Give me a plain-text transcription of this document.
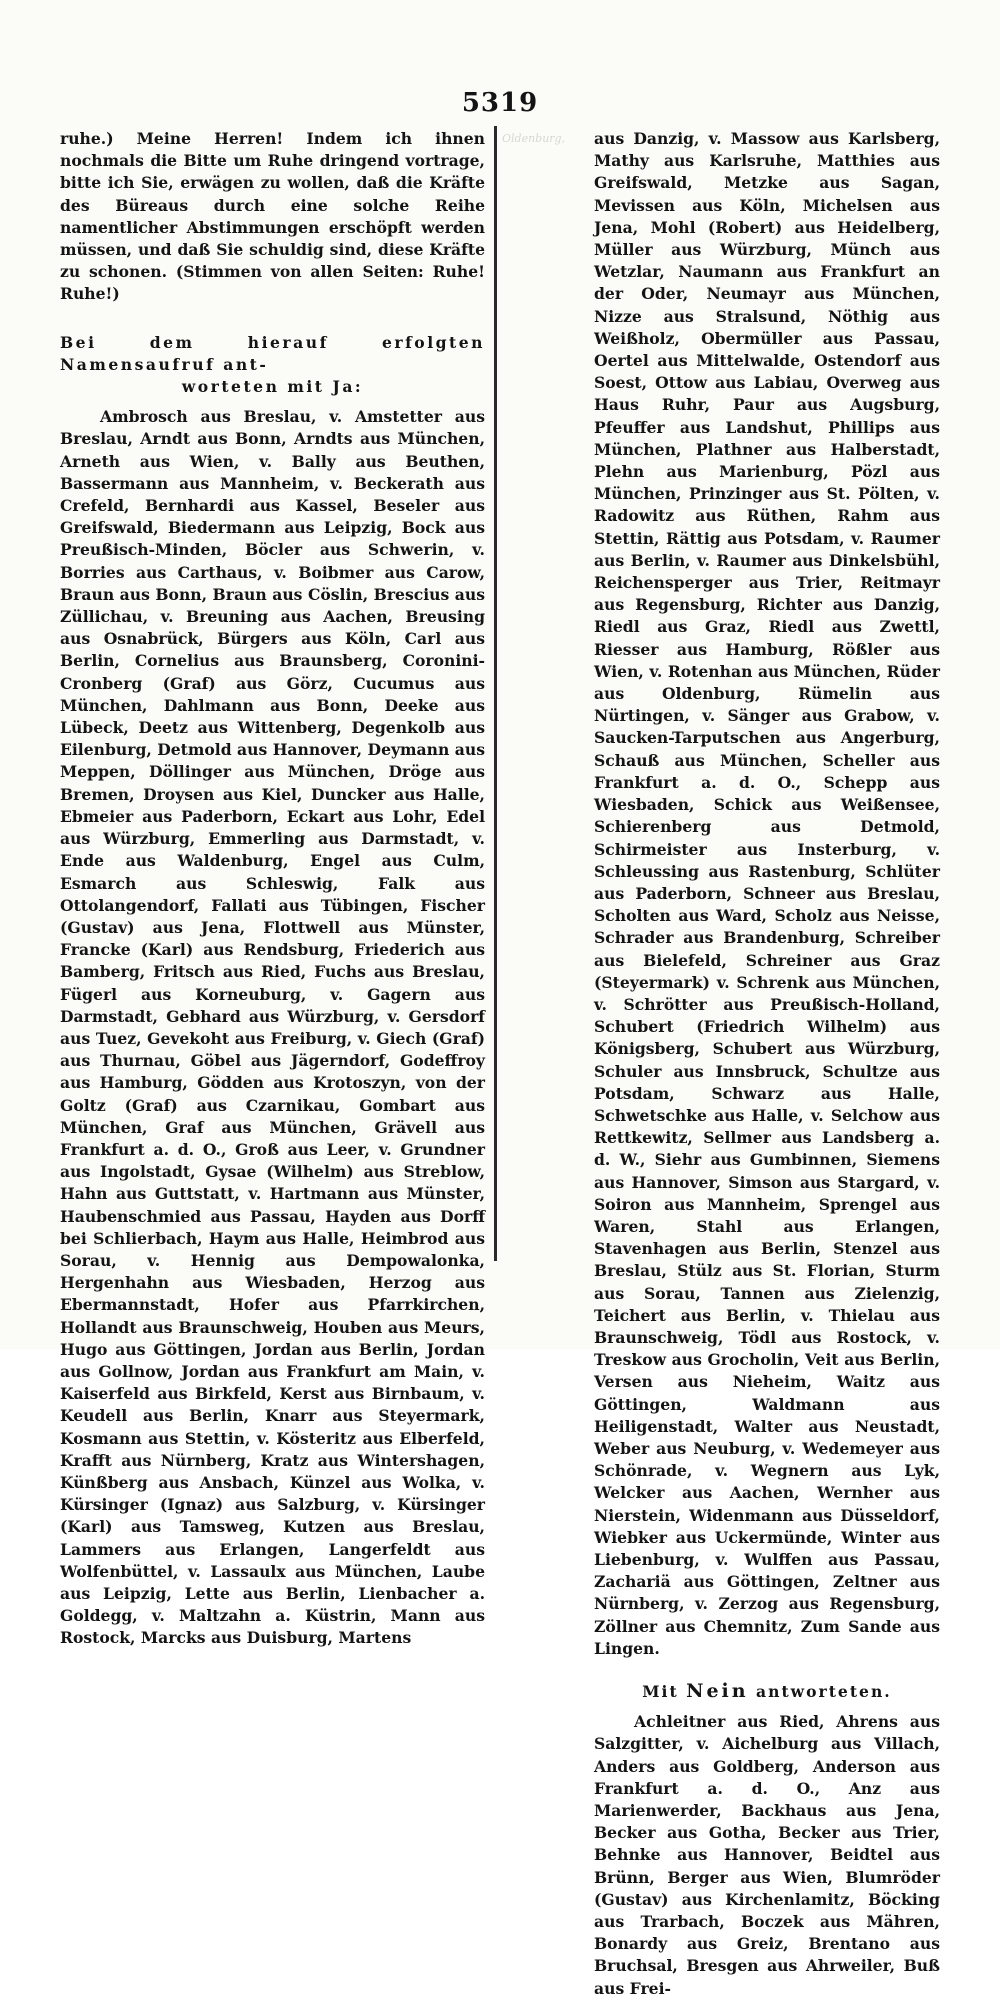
5319

ruhe.) Meine Herren! Indem ich ihnen nochmals die Bitte um Ruhe dringend vortrage, bitte ich Sie, erwägen zu wollen, daß die Kräfte des Büreaus durch eine solche Reihe namentlicher Abstimmungen erschöpft werden müssen, und daß Sie schuldig sind, diese Kräfte zu schonen. (Stimmen von allen Seiten: Ruhe! Ruhe!)

Bei dem hierauf erfolgten Namensaufruf ant-

worteten mit Ja:

Ambrosch aus Breslau, v. Amstetter aus Breslau, Arndt aus Bonn, Arndts aus München, Arneth aus Wien, v. Bally aus Beuthen, Bassermann aus Mannheim, v. Beckerath aus Crefeld, Bernhardi aus Kassel, Beseler aus Greifswald, Biedermann aus Leipzig, Bock aus Preußisch-Minden, Böcler aus Schwerin, v. Borries aus Carthaus, v. Boibmer aus Carow, Braun aus Bonn, Braun aus Cöslin, Brescius aus Züllichau, v. Breuning aus Aachen, Breusing aus Osnabrück, Bürgers aus Köln, Carl aus Berlin, Cornelius aus Braunsberg, Coronini-Cronberg (Graf) aus Görz, Cucumus aus München, Dahlmann aus Bonn, Deeke aus Lübeck, Deetz aus Wittenberg, Degenkolb aus Eilenburg, Detmold aus Hannover, Deymann aus Meppen, Döllinger aus München, Dröge aus Bremen, Droysen aus Kiel, Duncker aus Halle, Ebmeier aus Paderborn, Eckart aus Lohr, Edel aus Würzburg, Emmerling aus Darmstadt, v. Ende aus Waldenburg, Engel aus Culm, Esmarch aus Schleswig, Falk aus Ottolangendorf, Fallati aus Tübingen, Fischer (Gustav) aus Jena, Flottwell aus Münster, Francke (Karl) aus Rendsburg, Friederich aus Bamberg, Fritsch aus Ried, Fuchs aus Breslau, Fügerl aus Korneuburg, v. Gagern aus Darmstadt, Gebhard aus Würzburg, v. Gersdorf aus Tuez, Gevekoht aus Freiburg, v. Giech (Graf) aus Thurnau, Göbel aus Jägerndorf, Godeffroy aus Hamburg, Gödden aus Krotoszyn, von der Goltz (Graf) aus Czarnikau, Gombart aus München, Graf aus München, Grävell aus Frankfurt a. d. O., Groß aus Leer, v. Grundner aus Ingolstadt, Gysae (Wilhelm) aus Streblow, Hahn aus Guttstatt, v. Hartmann aus Münster, Haubenschmied aus Passau, Hayden aus Dorff bei Schlierbach, Haym aus Halle, Heimbrod aus Sorau, v. Hennig aus Dempowalonka, Hergenhahn aus Wiesbaden, Herzog aus Ebermannstadt, Hofer aus Pfarrkirchen, Hollandt aus Braunschweig, Houben aus Meurs, Hugo aus Göttingen, Jordan aus Berlin, Jordan aus Gollnow, Jordan aus Frankfurt am Main, v. Kaiserfeld aus Birkfeld, Kerst aus Birnbaum, v. Keudell aus Berlin, Knarr aus Steyermark, Kosmann aus Stettin, v. Kösteritz aus Elberfeld, Krafft aus Nürnberg, Kratz aus Wintershagen, Künßberg aus Ansbach, Künzel aus Wolka, v. Kürsinger (Ignaz) aus Salzburg, v. Kürsinger (Karl) aus Tamsweg, Kutzen aus Breslau, Lammers aus Erlangen, Langerfeldt aus Wolfenbüttel, v. Lassaulx aus München, Laube aus Leipzig, Lette aus Berlin, Lienbacher a. Goldegg, v. Maltzahn a. Küstrin, Mann aus Rostock, Marcks aus Duisburg, Martens

Oldenburg,

	aus Danzig, v. Massow aus Karlsberg, Mathy aus Karlsruhe, Matthies aus Greifswald, Metzke aus Sagan, Mevissen aus Köln, Michelsen aus Jena, Mohl (Robert) aus Heidelberg, Müller aus Würzburg, Münch aus Wetzlar, Naumann aus Frankfurt an der Oder, Neumayr aus München, Nizze aus Stralsund, Nöthig aus Weißholz, Obermüller aus Passau, Oertel aus Mittelwalde, Ostendorf aus Soest, Ottow aus Labiau, Overweg aus Haus Ruhr, Paur aus Augsburg, Pfeuffer aus Landshut, Phillips aus München, Plathner aus Halberstadt, Plehn aus Marienburg, Pözl aus München, Prinzinger aus St. Pölten, v. Radowitz aus Rüthen, Rahm aus Stettin, Rättig aus Potsdam, v. Raumer aus Berlin, v. Raumer aus Dinkelsbühl, Reichensperger aus Trier, Reitmayr aus Regensburg, Richter aus Danzig, Riedl aus Graz, Riedl aus Zwettl, Riesser aus Hamburg, Rößler aus Wien, v. Rotenhan aus München, Rüder aus Oldenburg, Rümelin aus Nürtingen, v. Sänger aus Grabow, v. Saucken-Tarputschen aus Angerburg, Schauß aus München, Scheller aus Frankfurt a. d. O., Schepp aus Wiesbaden, Schick aus Weißensee, Schierenberg aus Detmold, Schirmeister aus Insterburg, v. Schleussing aus Rastenburg, Schlüter aus Paderborn, Schneer aus Breslau, Scholten aus Ward, Scholz aus Neisse, Schrader aus Brandenburg, Schreiber aus Bielefeld, Schreiner aus Graz (Steyermark) v. Schrenk aus München, v. Schrötter aus Preußisch-Holland, Schubert (Friedrich Wilhelm) aus Königsberg, Schubert aus Würzburg, Schuler aus Innsbruck, Schultze aus Potsdam, Schwarz aus Halle, Schwetschke aus Halle, v. Selchow aus Rettkewitz, Sellmer aus Landsberg a. d. W., Siehr aus Gumbinnen, Siemens aus Hannover, Simson aus Stargard, v. Soiron aus Mannheim, Sprengel aus Waren, Stahl aus Erlangen, Stavenhagen aus Berlin, Stenzel aus Breslau, Stülz aus St. Florian, Sturm aus Sorau, Tannen aus Zielenzig, Teichert aus Berlin, v. Thielau aus Braunschweig, Tödl aus Rostock, v. Treskow aus Grocholin, Veit aus Berlin, Versen aus Nieheim, Waitz aus Göttingen, Waldmann aus Heiligenstadt, Walter aus Neustadt, Weber aus Neuburg, v. Wedemeyer aus Schönrade, v. Wegnern aus Lyk, Welcker aus Aachen, Wernher aus Nierstein, Widenmann aus Düsseldorf, Wiebker aus Uckermünde, Winter aus Liebenburg, v. Wulffen aus Passau, Zachariä aus Göttingen, Zeltner aus Nürnberg, v. Zerzog aus Regensburg, Zöllner aus Chemnitz, Zum Sande aus Lingen.

Mit Nein antworteten.

Achleitner aus Ried, Ahrens aus Salzgitter, v. Aichelburg aus Villach, Anders aus Goldberg, Anderson aus Frankfurt a. d. O., Anz aus Marienwerder, Backhaus aus Jena, Becker aus Gotha, Becker aus Trier, Behnke aus Hannover, Beidtel aus Brünn, Berger aus Wien, Blumröder (Gustav) aus Kirchenlamitz, Böcking aus Trarbach, Boczek aus Mähren, Bonardy aus Greiz, Brentano aus Bruchsal, Bresgen aus Ahrweiler, Buß aus Frei-
